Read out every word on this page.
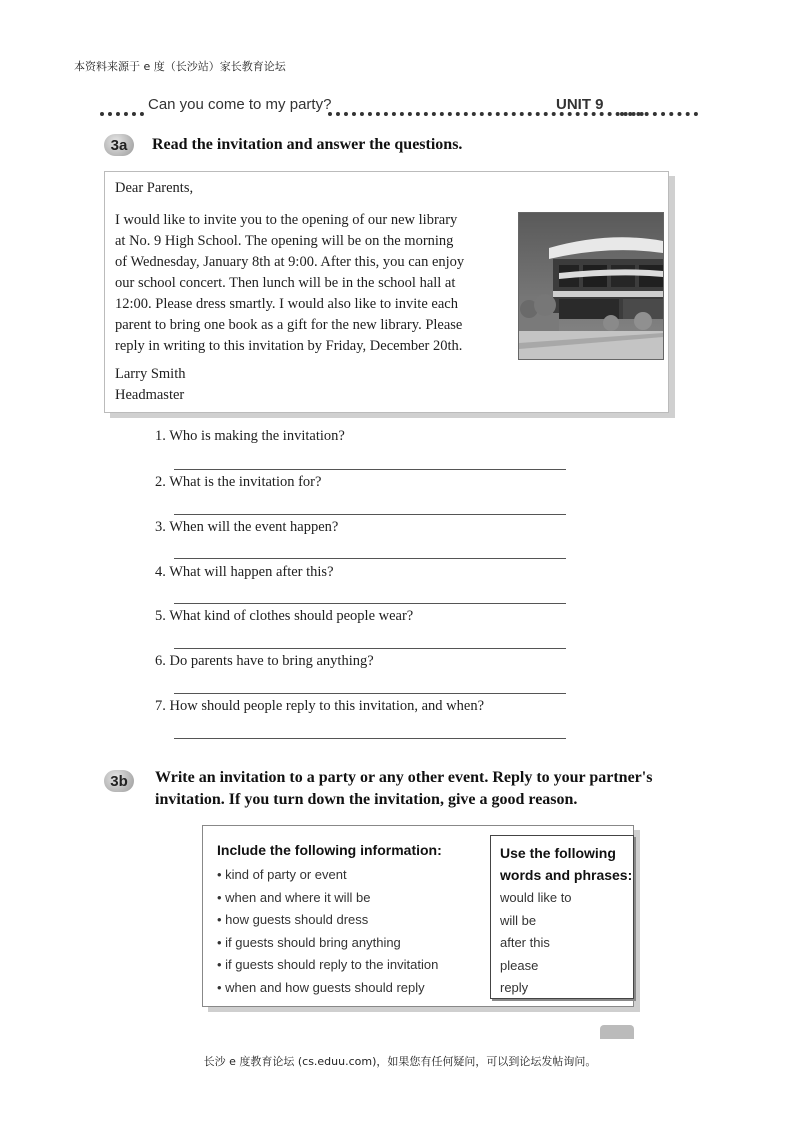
本资料来源于 e 度（长沙站）家长教育论坛
Can you come to my party?	UNIT 9
3a	Read the invitation and answer the questions.
Dear Parents,
I would like to invite you to the opening of our new library
at No. 9 High School. The opening will be on the morning
of Wednesday, January 8th at 9:00. After this, you can enjoy
our school concert. Then lunch will be in the school hall at
12:00. Please dress smartly. I would also like to invite each
parent to bring one book as a gift for the new library. Please
reply in writing to this invitation by Friday, December 20th.
Larry Smith
Headmaster
1. Who is making the invitation?
2. What is the invitation for?
3. When will the event happen?
4. What will happen after this?
5. What kind of clothes should people wear?
6. Do parents have to bring anything?
7. How should people reply to this invitation, and when?
3b	Write an invitation to a party or any other event. Reply to your partner's
invitation. If you turn down the invitation, give a good reason.
Include the following information:
• kind of party or event
• when and where it will be
• how guests should dress
• if guests should bring anything
• if guests should reply to the invitation
• when and how guests should reply
Use the following
words and phrases:
would like to
will be
after this
please
reply
长沙 e 度教育论坛 (cs.eduu.com)，如果您有任何疑问，可以到论坛发帖询问。
